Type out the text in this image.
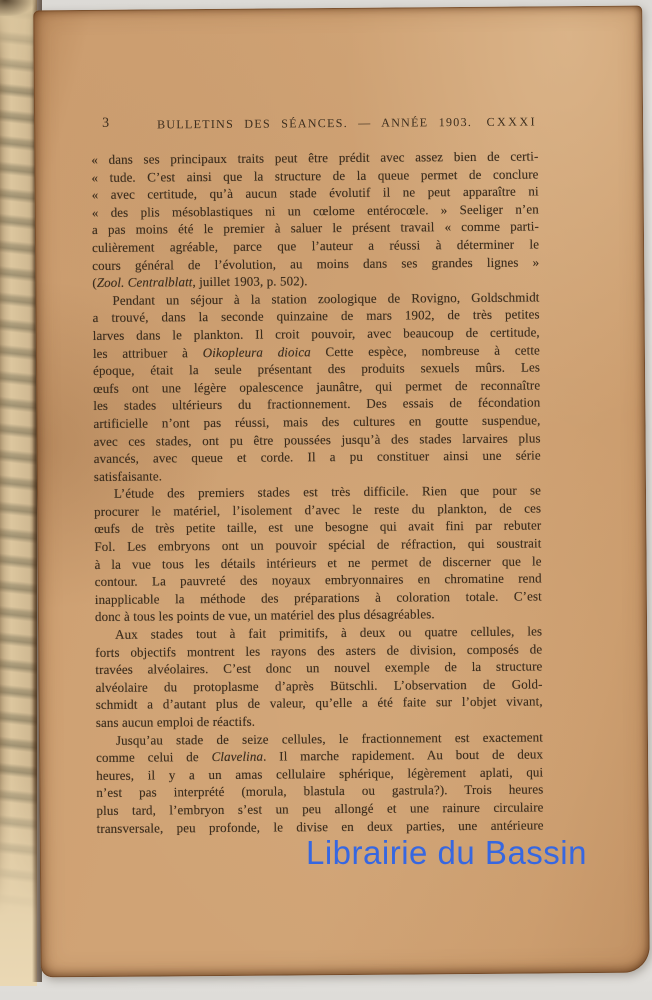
3	BULLETINS DES SÉANCES. — ANNÉE 1903.	CXXXI
« dans ses principaux traits peut être prédit avec assez bien de certi-
« tude. C’est ainsi que la structure de la queue permet de conclure
« avec certitude, qu’à aucun stade évolutif il ne peut apparaître ni
« des plis mésoblastiques ni un cœlome entérocœle. » Seeliger n’en
a pas moins été le premier à saluer le présent travail « comme parti-
culièrement agréable, parce que l’auteur a réussi à déterminer le
cours général de l’évolution, au moins dans ses grandes lignes »
(Zool. Centralblatt, juillet 1903, p. 502).
Pendant un séjour à la station zoologique de Rovigno, Goldschmidt
a trouvé, dans la seconde quinzaine de mars 1902, de très petites
larves dans le plankton. Il croit pouvoir, avec beaucoup de certitude,
les attribuer à Oikopleura dioica Cette espèce, nombreuse à cette
époque, était la seule présentant des produits sexuels mûrs. Les
œufs ont une légère opalescence jaunâtre, qui permet de reconnaître
les stades ultérieurs du fractionnement. Des essais de fécondation
artificielle n’ont pas réussi, mais des cultures en goutte suspendue,
avec ces stades, ont pu être poussées jusqu’à des stades larvaires plus
avancés, avec queue et corde. Il a pu constituer ainsi une série
satisfaisante.
L’étude des premiers stades est très difficile. Rien que pour se
procurer le matériel, l’isolement d’avec le reste du plankton, de ces
œufs de très petite taille, est une besogne qui avait fini par rebuter
Fol. Les embryons ont un pouvoir spécial de réfraction, qui soustrait
à la vue tous les détails intérieurs et ne permet de discerner que le
contour. La pauvreté des noyaux embryonnaires en chromatine rend
inapplicable la méthode des préparations à coloration totale. C’est
donc à tous les points de vue, un matériel des plus désagréables.
Aux stades tout à fait primitifs, à deux ou quatre cellules, les
forts objectifs montrent les rayons des asters de division, composés de
travées alvéolaires. C’est donc un nouvel exemple de la structure
alvéolaire du protoplasme d’après Bütschli. L’observation de Gold-
schmidt a d’autant plus de valeur, qu’elle a été faite sur l’objet vivant,
sans aucun emploi de réactifs.
Jusqu’au stade de seize cellules, le fractionnement est exactement
comme celui de Clavelina. Il marche rapidement. Au bout de deux
heures, il y a un amas cellulaire sphérique, légèrement aplati, qui
n’est pas interprété (morula, blastula ou gastrula?). Trois heures
plus tard, l’embryon s’est un peu allongé et une rainure circulaire
transversale, peu profonde, le divise en deux parties, une antérieure
Librairie du Bassin
